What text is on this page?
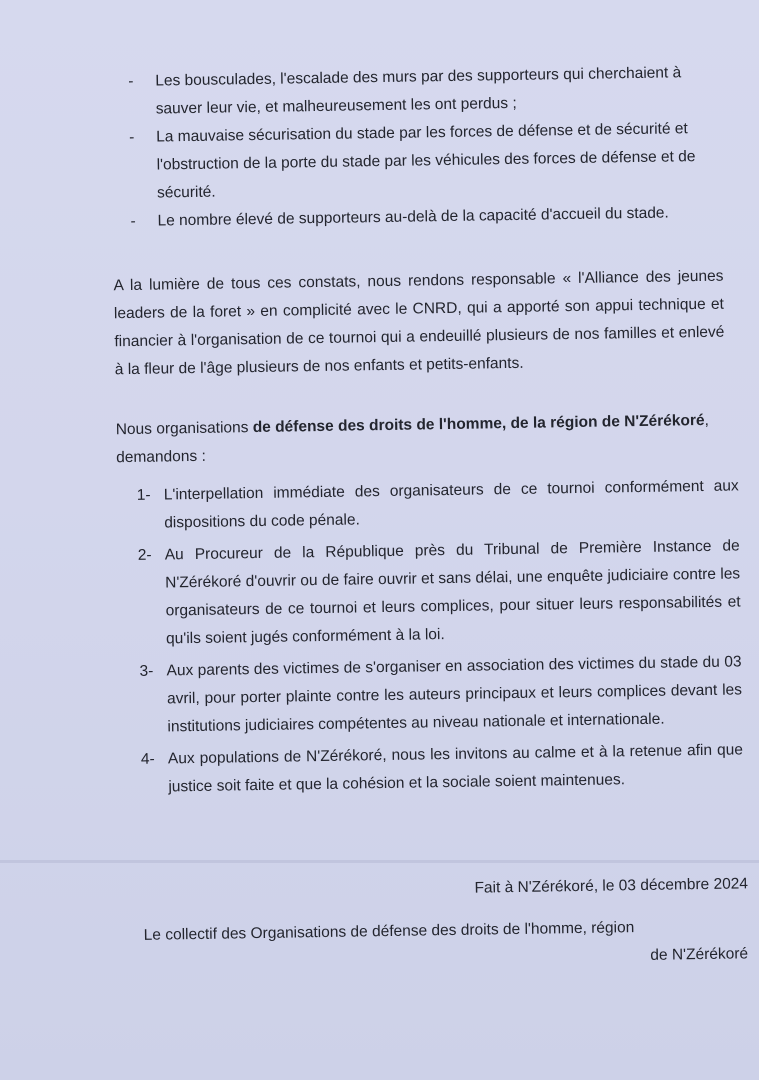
- Les bousculades, l'escalade des murs par des supporteurs qui cherchaient à sauver leur vie, et malheureusement les ont perdus ;
- La mauvaise sécurisation du stade par les forces de défense et de sécurité et l'obstruction de la porte du stade par les véhicules des forces de défense et de sécurité.
- Le nombre élevé de supporteurs au-delà de la capacité d'accueil du stade.

A la lumière de tous ces constats, nous rendons responsable « l'Alliance des jeunes leaders de la foret » en complicité avec le CNRD, qui a apporté son appui technique et financier à l'organisation de ce tournoi qui a endeuillé plusieurs de nos familles et enlevé à la fleur de l'âge plusieurs de nos enfants et petits-enfants.

Nous organisations de défense des droits de l'homme, de la région de N'Zérékoré, demandons :

1- L'interpellation immédiate des organisateurs de ce tournoi conformément aux dispositions du code pénale.
2- Au Procureur de la République près du Tribunal de Première Instance de N'Zérékoré d'ouvrir ou de faire ouvrir et sans délai, une enquête judiciaire contre les organisateurs de ce tournoi et leurs complices, pour situer leurs responsabilités et qu'ils soient jugés conformément à la loi.
3- Aux parents des victimes de s'organiser en association des victimes du stade du 03 avril, pour porter plainte contre les auteurs principaux et leurs complices devant les institutions judiciaires compétentes au niveau nationale et internationale.
4- Aux populations de N'Zérékoré, nous les invitons au calme et à la retenue afin que justice soit faite et que la cohésion et la sociale soient maintenues.
Fait à N'Zérékoré, le 03 décembre 2024
Le collectif des Organisations de défense des droits de l'homme, région
de N'Zérékoré
